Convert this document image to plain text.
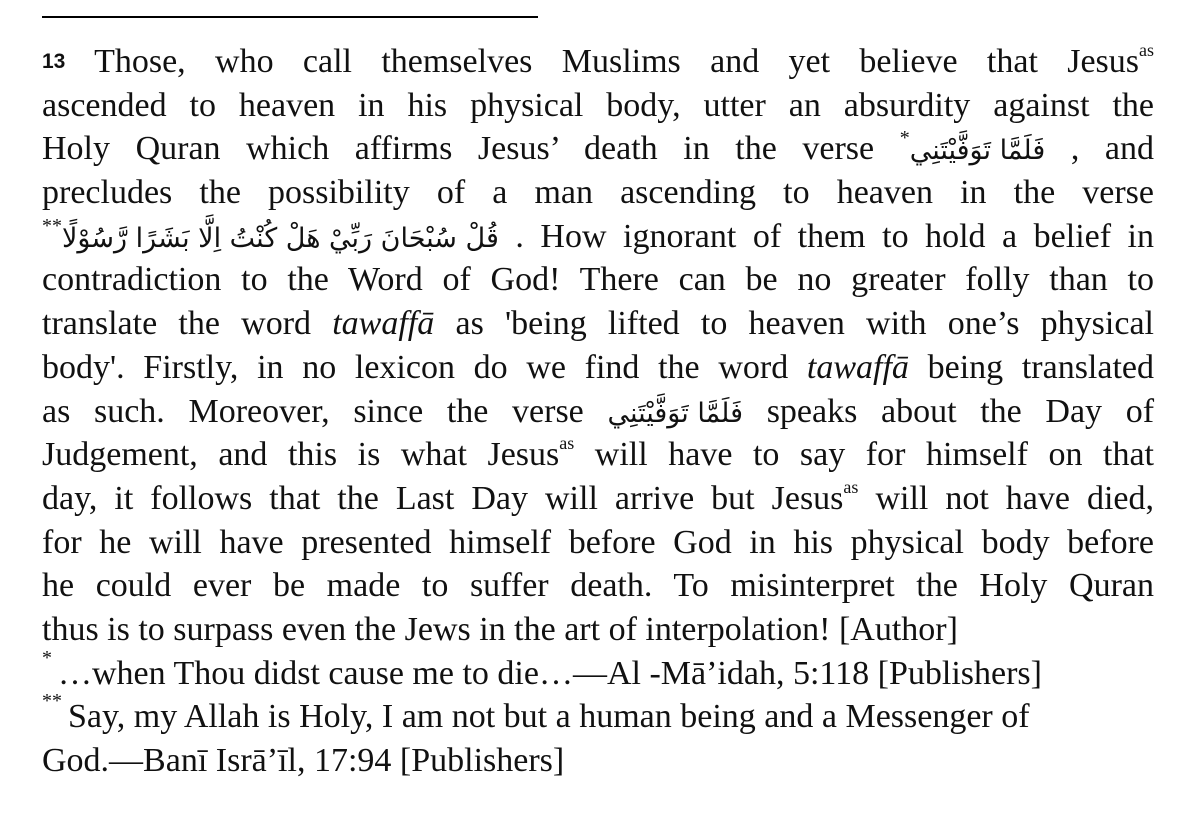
13 Those, who call themselves Muslims and yet believe that Jesus$^{as}$
ascended to heaven in his physical body, utter an absurdity against the
Holy Quran which affirms Jesus’ death in the verse *فَلَمَّا تَوَفَّيْتَنِي , and
precludes the possibility of a man ascending to heaven in the verse
**قُلْ سُبْحَانَ رَبِّيْ هَلْ كُنْتُ اِلَّا بَشَرًا رَّسُوْلًا . How ignorant of them to hold a belief in
contradiction to the Word of God! There can be no greater folly than to
translate the word tawaffā as 'being lifted to heaven with one’s physical
body'. Firstly, in no lexicon do we find the word tawaffā being translated
as such. Moreover, since the verse فَلَمَّا تَوَفَّيْتَنِي speaks about the Day of
Judgement, and this is what Jesus$^{as}$ will have to say for himself on that
day, it follows that the Last Day will arrive but Jesus$^{as}$ will not have died,
for he will have presented himself before God in his physical body before
he could ever be made to suffer death. To misinterpret the Holy Quran
thus is to surpass even the Jews in the art of interpolation! [Author]
* …when Thou didst cause me to die…—Al -Mā’idah, 5:118 [Publishers]
** Say, my Allah is Holy, I am not but a human being and a Messenger of
God.—Banī Isrā’īl, 17:94 [Publishers]
